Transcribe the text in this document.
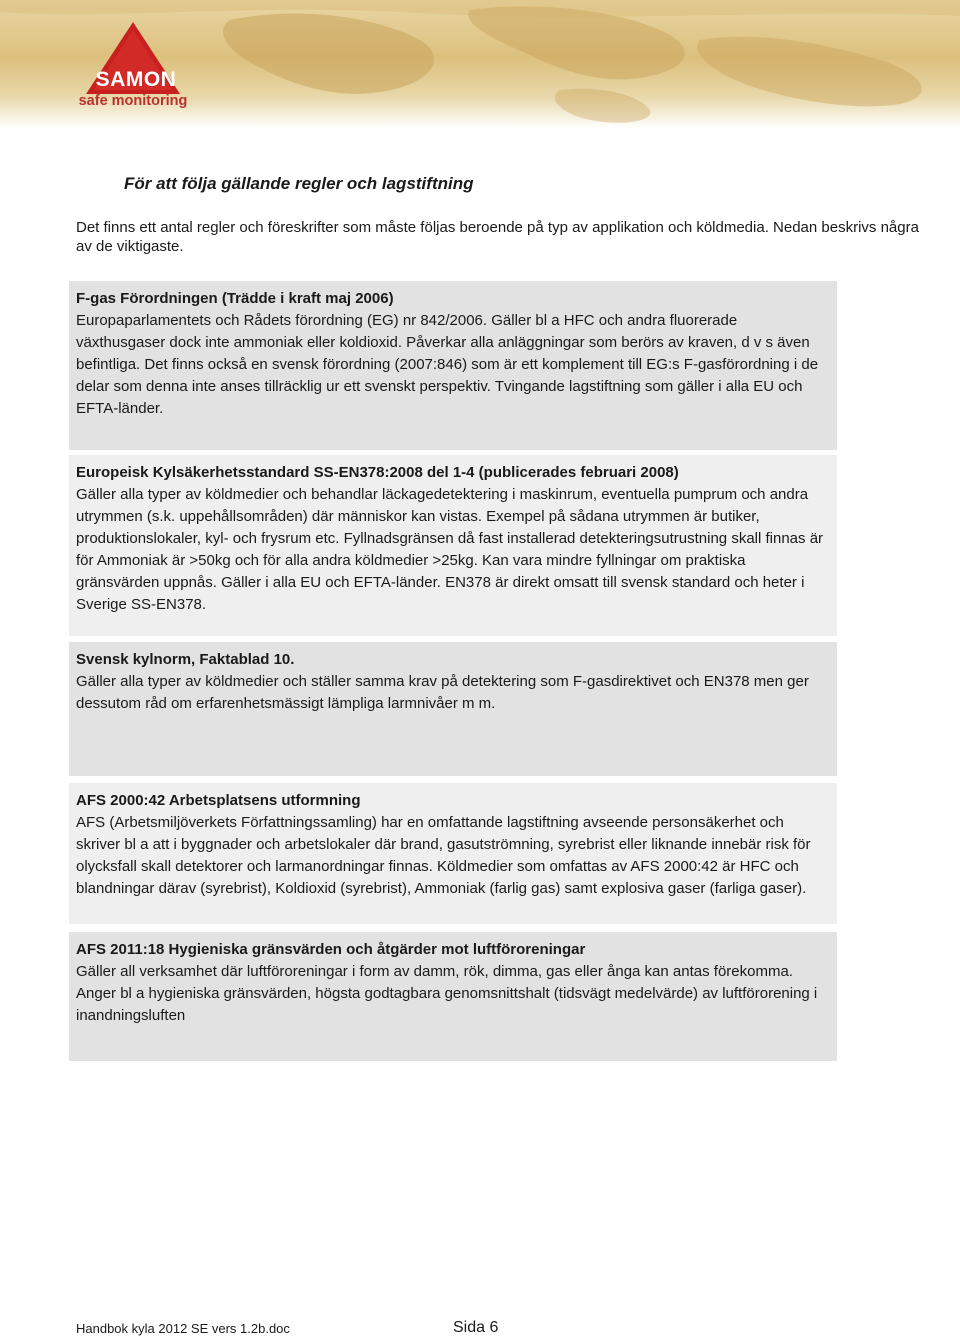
SAMON
safe monitoring
För att följa gällande regler och lagstiftning
Det finns ett antal regler och föreskrifter som måste följas beroende på typ av applikation och köldmedia. Nedan beskrivs några av de viktigaste.
F-gas Förordningen (Trädde i kraft maj 2006)
Europaparlamentets och Rådets förordning (EG) nr 842/2006. Gäller bl a HFC och andra fluorerade växthusgaser dock inte ammoniak eller koldioxid. Påverkar alla anläggningar som berörs av kraven, d v s även befintliga. Det finns också en svensk förordning (2007:846) som är ett komplement till EG:s F-gasförordning i de delar som denna inte anses tillräcklig ur ett svenskt perspektiv. Tvingande lagstiftning som gäller i alla EU och EFTA-länder.
Europeisk Kylsäkerhetsstandard SS-EN378:2008 del 1-4 (publicerades februari 2008)
Gäller alla typer av köldmedier och behandlar läckagedetektering i maskinrum, eventuella pumprum och andra utrymmen (s.k. uppehållsområden) där människor kan vistas. Exempel på sådana utrymmen är butiker, produktionslokaler, kyl- och frysrum etc. Fyllnadsgränsen då fast installerad detekteringsutrustning skall finnas är för Ammoniak är >50kg och för alla andra köldmedier >25kg. Kan vara mindre fyllningar om praktiska gränsvärden uppnås. Gäller i alla EU och EFTA-länder. EN378 är direkt omsatt till svensk standard och heter i Sverige SS-EN378.
Svensk kylnorm, Faktablad 10.
Gäller alla typer av köldmedier och ställer samma krav på detektering som F-gasdirektivet och EN378 men ger dessutom råd om erfarenhetsmässigt lämpliga larmnivåer m m.
AFS 2000:42 Arbetsplatsens utformning
AFS (Arbetsmiljöverkets Författningssamling) har en omfattande lagstiftning avseende personsäkerhet och skriver bl a att i byggnader och arbetslokaler där brand, gasutströmning, syrebrist eller liknande innebär risk för olycksfall skall detektorer och larmanordningar finnas. Köldmedier som omfattas av AFS 2000:42 är HFC och blandningar därav (syrebrist), Koldioxid (syrebrist), Ammoniak (farlig gas) samt explosiva gaser (farliga gaser).
AFS 2011:18 Hygieniska gränsvärden och åtgärder mot luftföroreningar
Gäller all verksamhet där luftföroreningar i form av damm, rök, dimma, gas eller ånga kan antas förekomma. Anger bl a hygieniska gränsvärden, högsta godtagbara genomsnittshalt (tidsvägt medelvärde) av luftförorening i inandningsluften
Handbok kyla 2012 SE vers 1.2b.doc	Sida 6
